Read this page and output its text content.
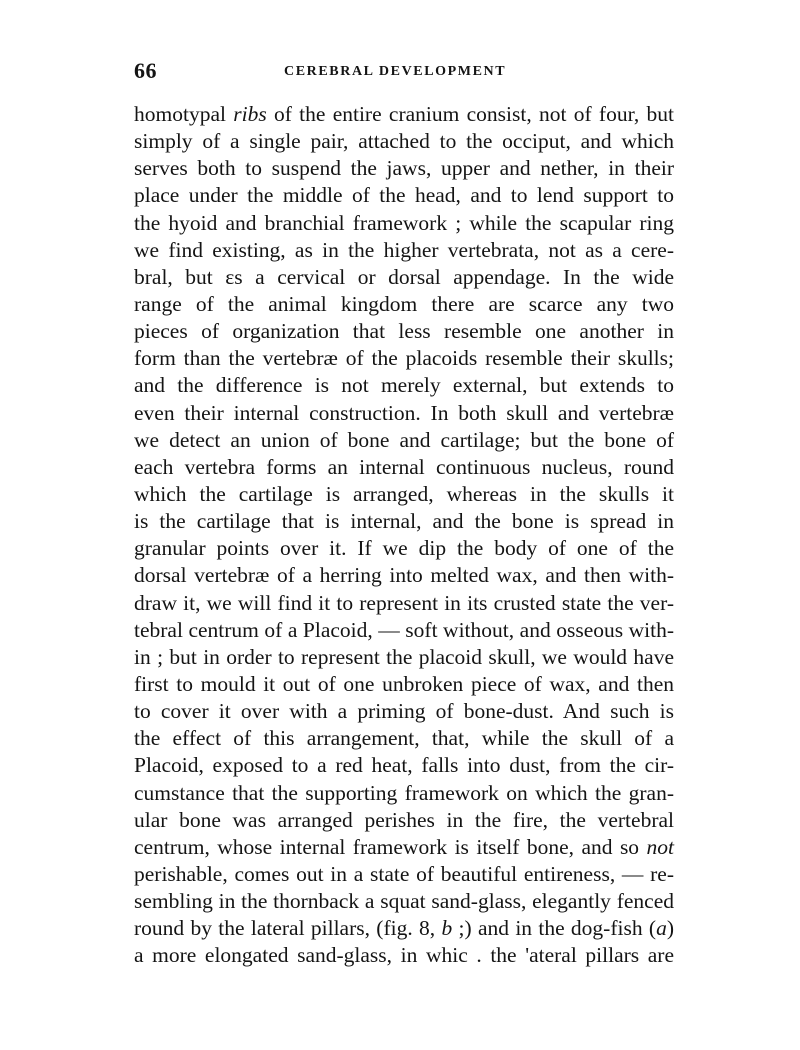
66	CEREBRAL DEVELOPMENT
homotypal ribs of the entire cranium consist, not of four, but
simply of a single pair, attached to the occiput, and which
serves both to suspend the jaws, upper and nether, in their
place under the middle of the head, and to lend support to
the hyoid and branchial framework ; while the scapular ring
we find existing, as in the higher vertebrata, not as a cere-
bral, but ɛs a cervical or dorsal appendage. In the wide
range of the animal kingdom there are scarce any two
pieces of organization that less resemble one another in
form than the vertebræ of the placoids resemble their skulls;
and the difference is not merely external, but extends to
even their internal construction. In both skull and vertebræ
we detect an union of bone and cartilage; but the bone of
each vertebra forms an internal continuous nucleus, round
which the cartilage is arranged, whereas in the skulls it
is the cartilage that is internal, and the bone is spread in
granular points over it. If we dip the body of one of the
dorsal vertebræ of a herring into melted wax, and then with-
draw it, we will find it to represent in its crusted state the ver-
tebral centrum of a Placoid, — soft without, and osseous with-
in ; but in order to represent the placoid skull, we would have
first to mould it out of one unbroken piece of wax, and then
to cover it over with a priming of bone-dust. And such is
the effect of this arrangement, that, while the skull of a
Placoid, exposed to a red heat, falls into dust, from the cir-
cumstance that the supporting framework on which the gran-
ular bone was arranged perishes in the fire, the vertebral
centrum, whose internal framework is itself bone, and so not
perishable, comes out in a state of beautiful entireness, — re-
sembling in the thornback a squat sand-glass, elegantly fenced
round by the lateral pillars, (fig. 8, b ;) and in the dog-fish (a)
a more elongated sand-glass, in whic . the 'ateral pillars are
